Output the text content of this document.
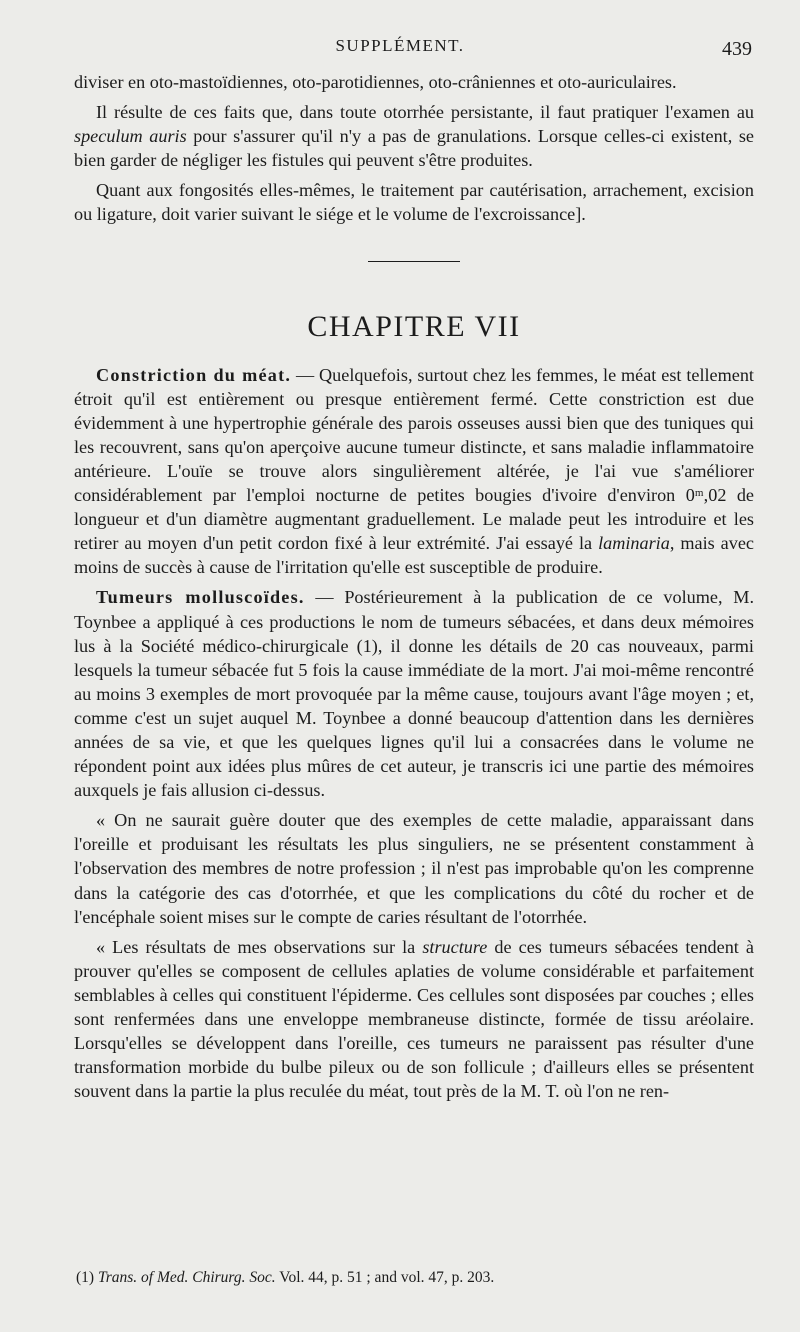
SUPPLÉMENT.	439

diviser en oto-mastoïdiennes, oto-parotidiennes, oto-crâniennes et oto-auriculaires.

Il résulte de ces faits que, dans toute otorrhée persistante, il faut pratiquer l'examen au speculum auris pour s'assurer qu'il n'y a pas de granulations. Lorsque celles-ci existent, se bien garder de négliger les fistules qui peuvent s'être produites.

Quant aux fongosités elles-mêmes, le traitement par cautérisation, arrachement, excision ou ligature, doit varier suivant le siége et le volume de l'excroissance].

CHAPITRE VII

Constriction du méat. — Quelquefois, surtout chez les femmes, le méat est tellement étroit qu'il est entièrement ou presque entièrement fermé. Cette constriction est due évidemment à une hypertrophie générale des parois osseuses aussi bien que des tuniques qui les recouvrent, sans qu'on aperçoive aucune tumeur distincte, et sans maladie inflammatoire antérieure. L'ouïe se trouve alors singulièrement altérée, je l'ai vue s'améliorer considérablement par l'emploi nocturne de petites bougies d'ivoire d'environ 0ᵐ,02 de longueur et d'un diamètre augmentant graduellement. Le malade peut les introduire et les retirer au moyen d'un petit cordon fixé à leur extrémité. J'ai essayé la laminaria, mais avec moins de succès à cause de l'irritation qu'elle est susceptible de produire.

Tumeurs molluscoïdes. — Postérieurement à la publication de ce volume, M. Toynbee a appliqué à ces productions le nom de tumeurs sébacées, et dans deux mémoires lus à la Société médico-chirurgicale (1), il donne les détails de 20 cas nouveaux, parmi lesquels la tumeur sébacée fut 5 fois la cause immédiate de la mort. J'ai moi-même rencontré au moins 3 exemples de mort provoquée par la même cause, toujours avant l'âge moyen ; et, comme c'est un sujet auquel M. Toynbee a donné beaucoup d'attention dans les dernières années de sa vie, et que les quelques lignes qu'il lui a consacrées dans le volume ne répondent point aux idées plus mûres de cet auteur, je transcris ici une partie des mémoires auxquels je fais allusion ci-dessus.

« On ne saurait guère douter que des exemples de cette maladie, apparaissant dans l'oreille et produisant les résultats les plus singuliers, ne se présentent constamment à l'observation des membres de notre profession ; il n'est pas improbable qu'on les comprenne dans la catégorie des cas d'otorrhée, et que les complications du côté du rocher et de l'encéphale soient mises sur le compte de caries résultant de l'otorrhée.

« Les résultats de mes observations sur la structure de ces tumeurs sébacées tendent à prouver qu'elles se composent de cellules aplaties de volume considérable et parfaitement semblables à celles qui constituent l'épiderme. Ces cellules sont disposées par couches ; elles sont renfermées dans une enveloppe membraneuse distincte, formée de tissu aréolaire. Lorsqu'elles se développent dans l'oreille, ces tumeurs ne paraissent pas résulter d'une transformation morbide du bulbe pileux ou de son follicule ; d'ailleurs elles se présentent souvent dans la partie la plus reculée du méat, tout près de la M. T. où l'on ne ren-

(1) Trans. of Med. Chirurg. Soc. Vol. 44, p. 51 ; and vol. 47, p. 203.
